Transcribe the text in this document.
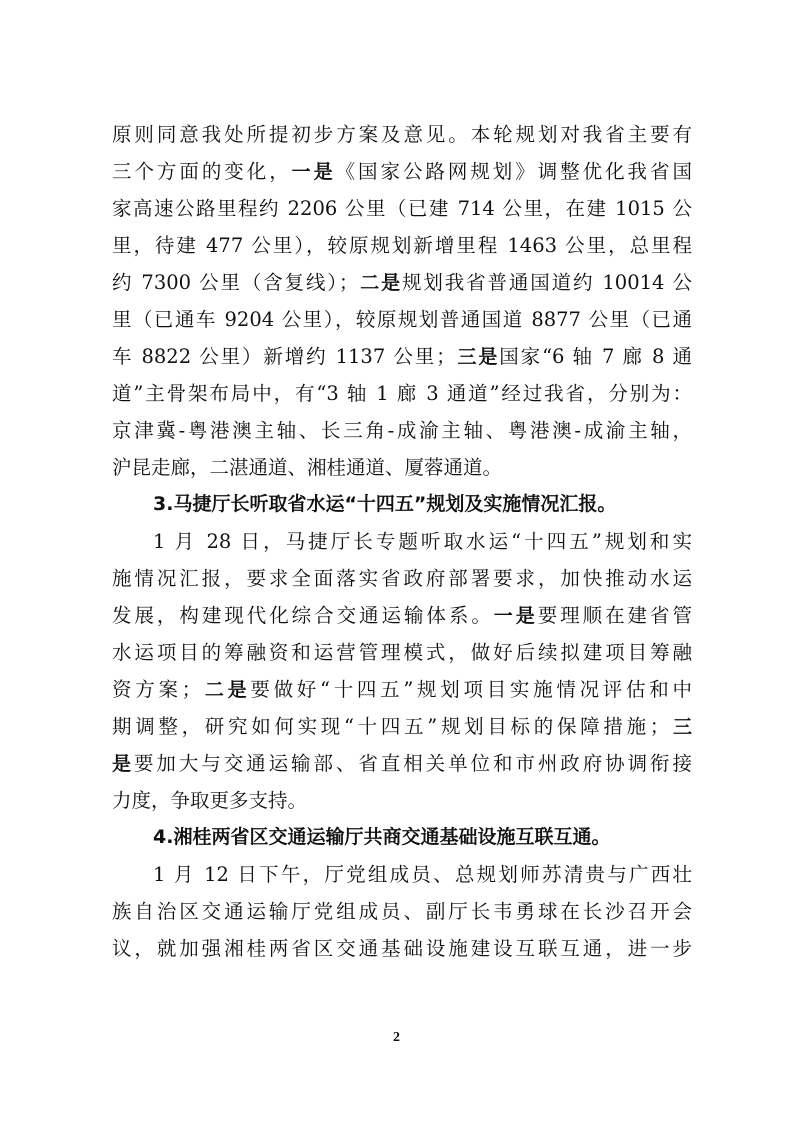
原则同意我处所提初步方案及意见。本轮规划对我省主要有
三个方面的变化，一是《国家公路网规划》调整优化我省国
家高速公路里程约 2206 公里（已建 714 公里，在建 1015 公
里，待建 477 公里），较原规划新增里程 1463 公里，总里程
约 7300 公里（含复线）；二是规划我省普通国道约 10014 公
里（已通车 9204 公里），较原规划普通国道 8877 公里（已通
车 8822 公里）新增约 1137 公里；三是国家“6 轴 7 廊 8 通
道”主骨架布局中，有“3 轴 1 廊 3 通道”经过我省，分别为：
京津冀-粤港澳主轴、长三角-成渝主轴、粤港澳-成渝主轴，
沪昆走廊，二湛通道、湘桂通道、厦蓉通道。
3.马捷厅长听取省水运“十四五”规划及实施情况汇报。
1 月 28 日，马捷厅长专题听取水运“十四五”规划和实
施情况汇报，要求全面落实省政府部署要求，加快推动水运
发展，构建现代化综合交通运输体系。一是要理顺在建省管
水运项目的筹融资和运营管理模式，做好后续拟建项目筹融
资方案；二是要做好“十四五”规划项目实施情况评估和中
期调整，研究如何实现“十四五”规划目标的保障措施；三
是要加大与交通运输部、省直相关单位和市州政府协调衔接
力度，争取更多支持。
4.湘桂两省区交通运输厅共商交通基础设施互联互通。
1 月 12 日下午，厅党组成员、总规划师苏清贵与广西壮
族自治区交通运输厅党组成员、副厅长韦勇球在长沙召开会
议，就加强湘桂两省区交通基础设施建设互联互通，进一步
2
